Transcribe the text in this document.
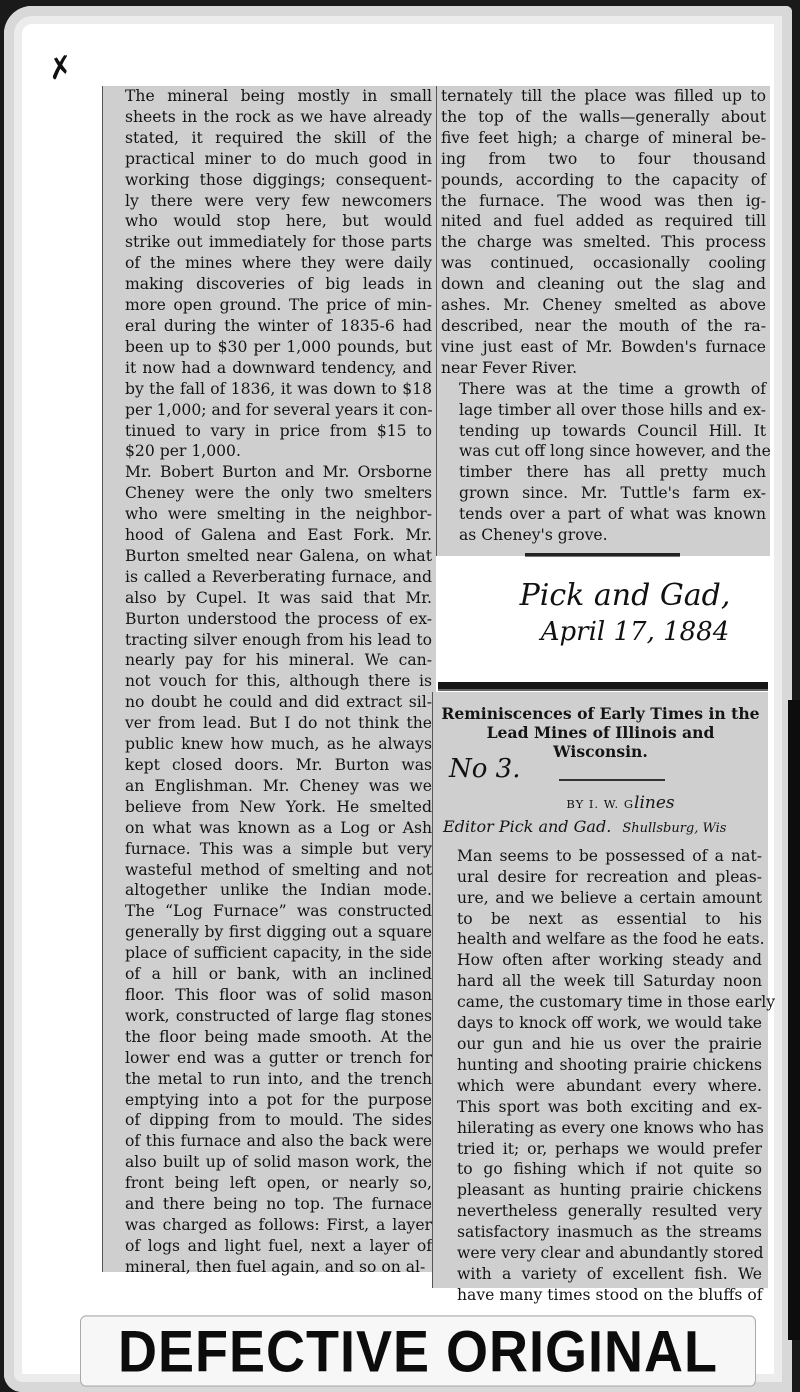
✗

The mineral being mostly in small
sheets in the rock as we have already
stated, it required the skill of the
practical miner to do much good in
working those diggings; consequent-
ly there were very few newcomers
who would stop here, but would
strike out immediately for those parts
of the mines where they were daily
making discoveries of big leads in
more open ground. The price of min-
eral during the winter of 1835-6 had
been up to $30 per 1,000 pounds, but
it now had a downward tendency, and
by the fall of 1836, it was down to $18
per 1,000; and for several years it con-
tinued to vary in price from $15 to
$20 per 1,000.

Mr. Bobert Burton and Mr. Orsborne
Cheney were the only two smelters
who were smelting in the neighbor-
hood of Galena and East Fork. Mr.
Burton smelted near Galena, on what
is called a Reverberating furnace, and
also by Cupel. It was said that Mr.
Burton understood the process of ex-
tracting silver enough from his lead to
nearly pay for his mineral. We can-
not vouch for this, although there is
no doubt he could and did extract sil-
ver from lead. But I do not think the
public knew how much, as he always
kept closed doors. Mr. Burton was
an Englishman. Mr. Cheney was we
believe from New York. He smelted
on what was known as a Log or Ash
furnace. This was a simple but very
wasteful method of smelting and not
altogether unlike the Indian mode.
The “Log Furnace” was constructed
generally by first digging out a square
place of sufficient capacity, in the side
of a hill or bank, with an inclined
floor. This floor was of solid mason
work, constructed of large flag stones
the floor being made smooth. At the
lower end was a gutter or trench for
the metal to run into, and the trench
emptying into a pot for the purpose
of dipping from to mould. The sides
of this furnace and also the back were
also built up of solid mason work, the
front being left open, or nearly so,
and there being no top. The furnace
was charged as follows: First, a layer
of logs and light fuel, next a layer of
mineral, then fuel again, and so on al-

ternately till the place was filled up to
the top of the walls—generally about
five feet high; a charge of mineral be-
ing from two to four thousand
pounds, according to the capacity of
the furnace. The wood was then ig-
nited and fuel added as required till
the charge was smelted. This process
was continued, occasionally cooling
down and cleaning out the slag and
ashes. Mr. Cheney smelted as above
described, near the mouth of the ra-
vine just east of Mr. Bowden's furnace
near Fever River.

There was at the time a growth of
lage timber all over those hills and ex-
tending up towards Council Hill. It
was cut off long since however, and the
timber there has all pretty much
grown since. Mr. Tuttle's farm ex-
tends over a part of what was known
as Cheney's grove.

Pick and Gad,
April 17, 1884
Reminiscences of Early Times in the Lead Mines of Illinois and Wisconsin.
No 3.
BY I. W. Glines
Editor Pick and Gad. Shullsburg, Wis

Man seems to be possessed of a nat-
ural desire for recreation and pleas-
ure, and we believe a certain amount
to be next as essential to his
health and welfare as the food he eats.

How often after working steady and
hard all the week till Saturday noon
came, the customary time in those early
days to knock off work, we would take
our gun and hie us over the prairie
hunting and shooting prairie chickens
which were abundant every where.
This sport was both exciting and ex-
hilerating as every one knows who has
tried it; or, perhaps we would prefer
to go fishing which if not quite so
pleasant as hunting prairie chickens
nevertheless generally resulted very
satisfactory inasmuch as the streams
were very clear and abundantly stored
with a variety of excellent fish. We
have many times stood on the bluffs of

DEFECTIVE ORIGINAL
